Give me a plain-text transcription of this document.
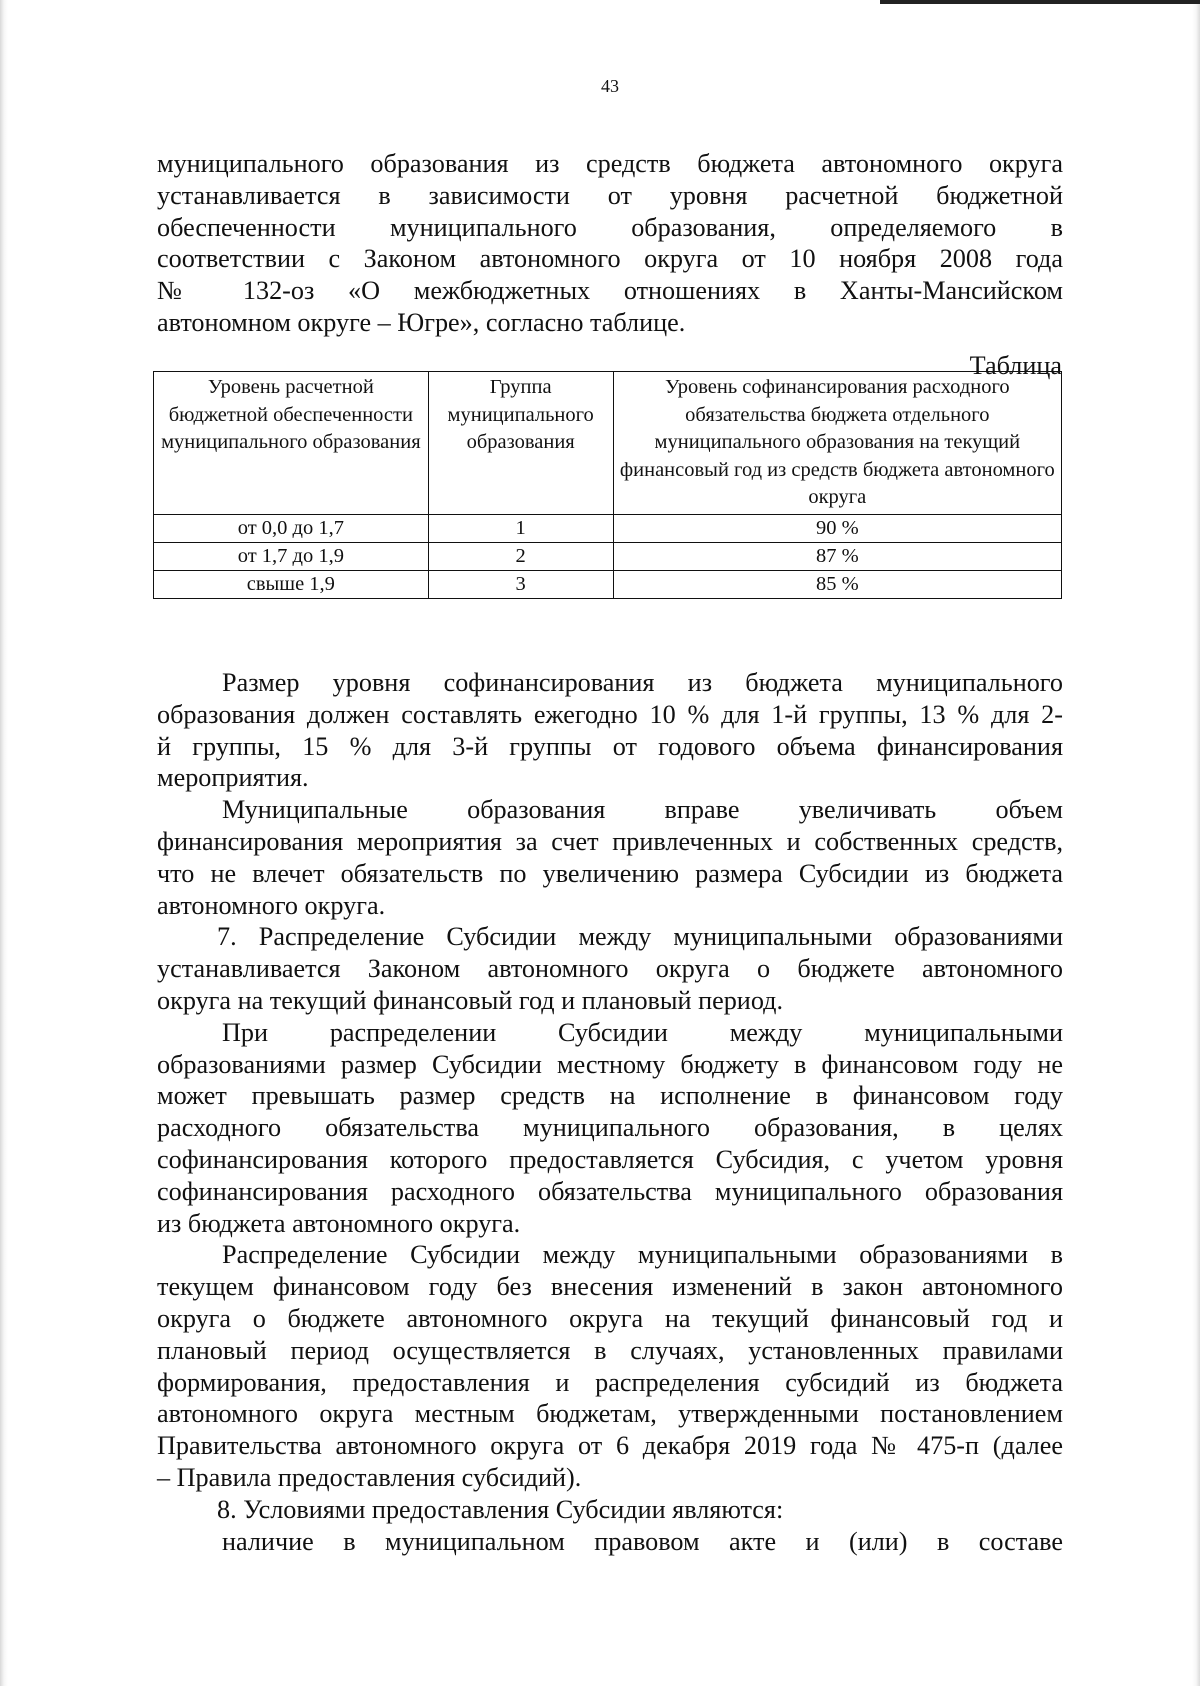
43
муниципального образования из средств бюджета автономного округа
устанавливается в зависимости от уровня расчетной бюджетной
обеспеченности муниципального образования, определяемого в
соответствии с Законом автономного округа от 10 ноября 2008 года
№ 132-оз «О межбюджетных отношениях в Ханты-Мансийском
автономном округе – Югре», согласно таблице.
Таблица
Уровень расчетной бюджетной обеспеченности муниципального образования	Группа муниципального образования	Уровень софинансирования расходного обязательства бюджета отдельного муниципального образования на текущий финансовый год из средств бюджета автономного округа
от 0,0 до 1,7	1	90 %
от 1,7 до 1,9	2	87 %
свыше 1,9	3	85 %
Размер уровня софинансирования из бюджета муниципального
образования должен составлять ежегодно 10 % для 1-й группы, 13 % для 2-
й группы, 15 % для 3-й группы от годового объема финансирования
мероприятия.
Муниципальные образования вправе увеличивать объем
финансирования мероприятия за счет привлеченных и собственных средств,
что не влечет обязательств по увеличению размера Субсидии из бюджета
автономного округа.
7. Распределение Субсидии между муниципальными образованиями
устанавливается Законом автономного округа о бюджете автономного
округа на текущий финансовый год и плановый период.
При распределении Субсидии между муниципальными
образованиями размер Субсидии местному бюджету в финансовом году не
может превышать размер средств на исполнение в финансовом году
расходного обязательства муниципального образования, в целях
софинансирования которого предоставляется Субсидия, с учетом уровня
софинансирования расходного обязательства муниципального образования
из бюджета автономного округа.
Распределение Субсидии между муниципальными образованиями в
текущем финансовом году без внесения изменений в закон автономного
округа о бюджете автономного округа на текущий финансовый год и
плановый период осуществляется в случаях, установленных правилами
формирования, предоставления и распределения субсидий из бюджета
автономного округа местным бюджетам, утвержденными постановлением
Правительства автономного округа от 6 декабря 2019 года № 475-п (далее
– Правила предоставления субсидий).
8. Условиями предоставления Субсидии являются:
наличие в муниципальном правовом акте и (или) в составе
